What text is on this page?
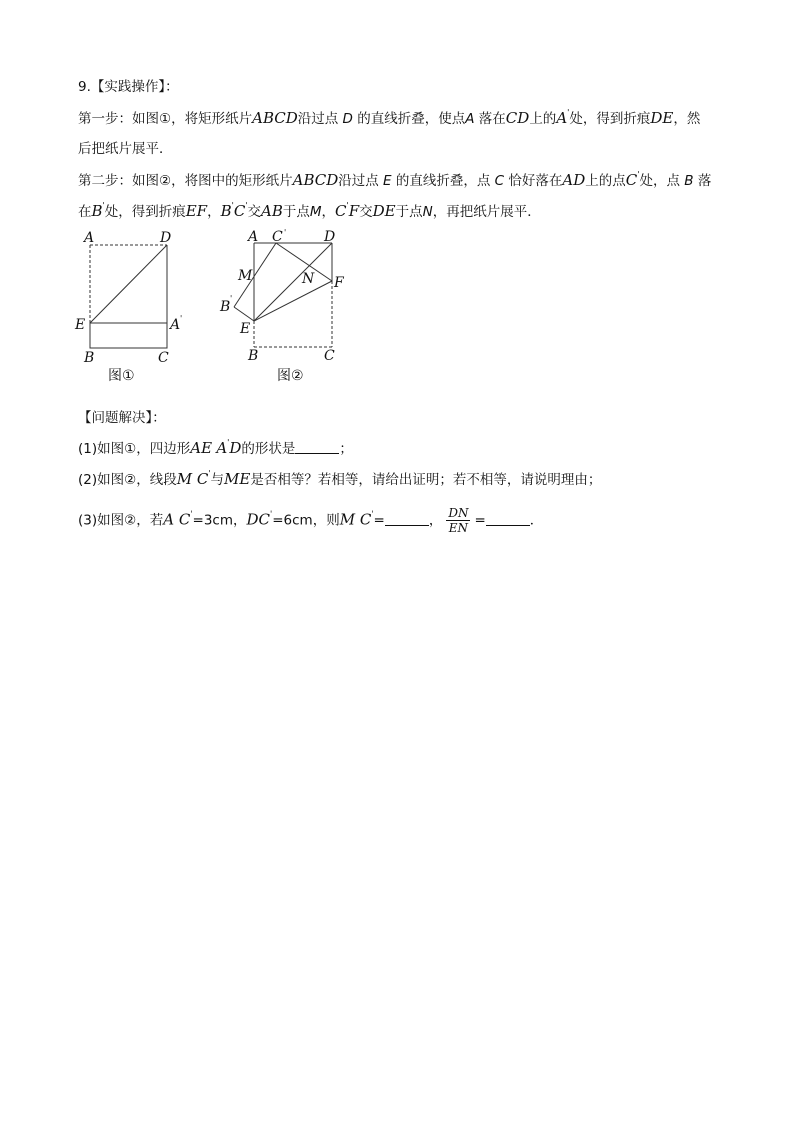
9.【实践操作】：
第一步：如图①，将矩形纸片ABCD沿过点 D 的直线折叠，使点A 落在CD上的A'处，得到折痕DE，然
后把纸片展平．
第二步：如图②，将图中的矩形纸片ABCD沿过点 E 的直线折叠，点 C 恰好落在AD上的点C'处，点 B 落
在B'处，得到折痕EF，B'C'交AB于点M，C'F交DE于点N，再把纸片展平．
A	D
E	A '
B	C
图①
A C '	D
M	N F
B
'
E
B	C
图②
【问题解决】：
(1)如图①，四边形AE A'D的形状是	；
(2)如图②，线段M C'与ME是否相等？若相等，请给出证明；若不相等，请说明理由；
(3)如图②，若A C'=3cm，DC'=6cm，则M C'=	， $\frac{DN}{EN}$ =	．
